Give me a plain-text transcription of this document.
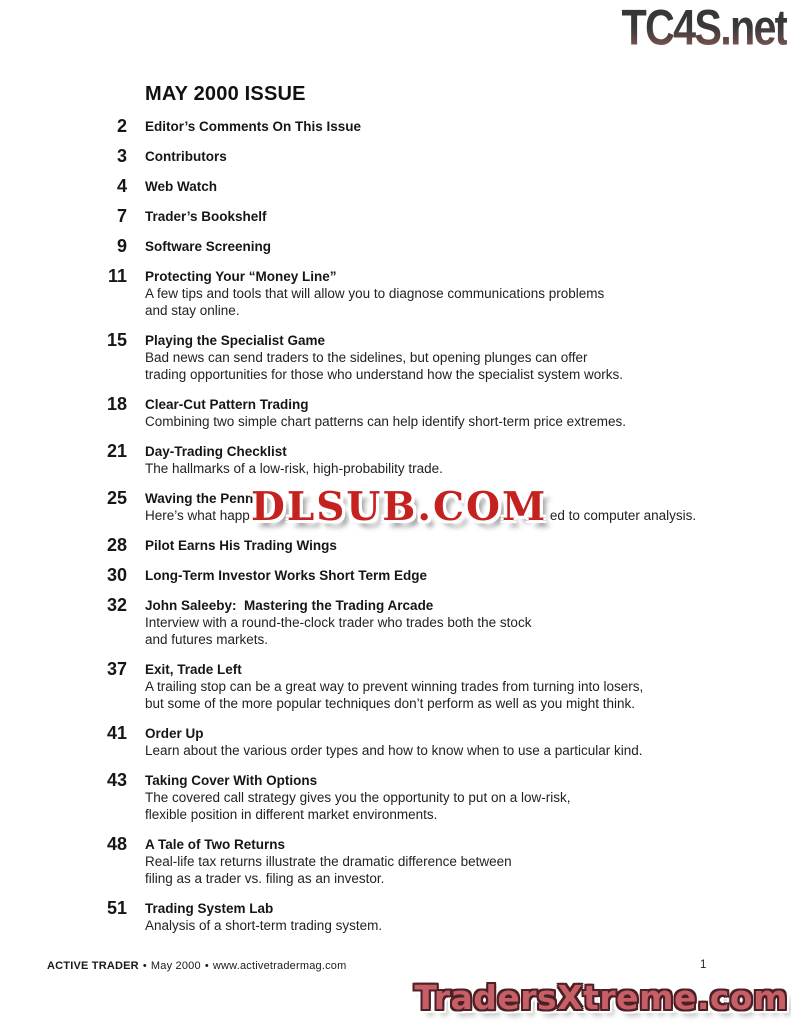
TC4S.net
MAY 2000 ISSUE
2 Editor’s Comments On This Issue
3 Contributors
4 Web Watch
7 Trader’s Bookshelf
9 Software Screening
11 Protecting Your “Money Line”
A few tips and tools that will allow you to diagnose communications problems
and stay online.
15 Playing the Specialist Game
Bad news can send traders to the sidelines, but opening plunges can offer
trading opportunities for those who understand how the specialist system works.
18 Clear-Cut Pattern Trading
Combining two simple chart patterns can help identify short-term price extremes.
21 Day-Trading Checklist
The hallmarks of a low-risk, high-probability trade.
25 Waving the Penn
Here’s what happ	ed to computer analysis.
28 Pilot Earns His Trading Wings
30 Long-Term Investor Works Short Term Edge
32 John Saleeby:  Mastering the Trading Arcade
Interview with a round-the-clock trader who trades both the stock
and futures markets.
37 Exit, Trade Left
A trailing stop can be a great way to prevent winning trades from turning into losers,
but some of the more popular techniques don’t perform as well as you might think.
41 Order Up
Learn about the various order types and how to know when to use a particular kind.
43 Taking Cover With Options
The covered call strategy gives you the opportunity to put on a low-risk,
flexible position in different market environments.
48 A Tale of Two Returns
Real-life tax returns illustrate the dramatic difference between
filing as a trader vs. filing as an investor.
51 Trading System Lab
Analysis of a short-term trading system.
DLSUB.COM
ACTIVE TRADER • May 2000 • www.activetradermag.com	1
TradersXtreme.com
